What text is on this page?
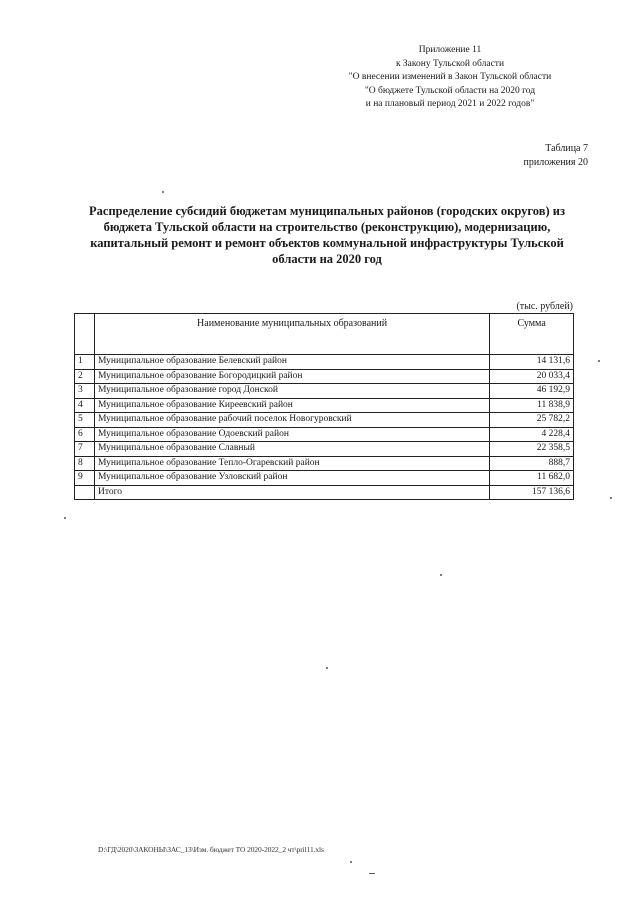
Приложение 11
к Закону Тульской области
"О внесении изменений в Закон Тульской области
"О бюджете Тульской области на 2020 год
и на плановый период 2021 и 2022 годов"
Таблица 7
приложения 20
Распределение субсидий бюджетам муниципальных районов (городских округов) из
бюджета Тульской области на строительство (реконструкцию), модернизацию,
капитальный ремонт и ремонт объектов коммунальной инфраструктуры Тульской
области на 2020 год
(тыс. рублей)
	Наименование муниципальных образований	Сумма
1	Муниципальное образование Белевский район	14 131,6
2	Муниципальное образование Богородицкий район	20 033,4
3	Муниципальное образование город Донской	46 192,9
4	Муниципальное образование Киреевский район	11 838,9
5	Муниципальное образование рабочий поселок Новогуровский	25 782,2
6	Муниципальное образование Одоевский район	4 228,4
7	Муниципальное образование Славный	22 358,5
8	Муниципальное образование Тепло-Огаревский район	888,7
9	Муниципальное образование Узловский район	11 682,0
	Итого	157 136,6
D:\ГД\2020\ЗАКОНЫ\ЗАС_13\Изм. бюджет ТО 2020-2022_2 чт\pril11.xls
